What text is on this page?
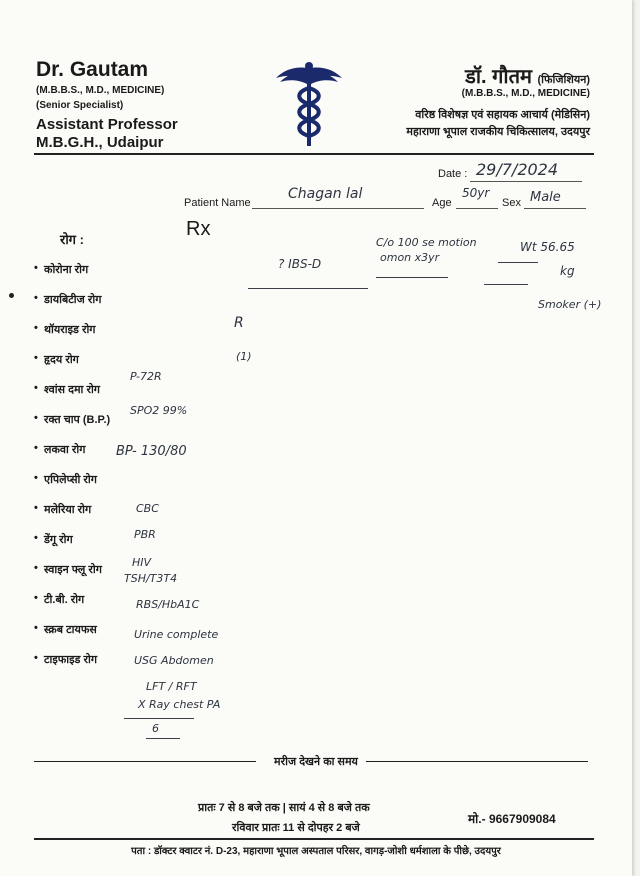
Dr. Gautam
(M.B.B.S., M.D., MEDICINE)
(Senior Specialist)
Assistant Professor
M.B.G.H., Udaipur
डॉ. गौतम (फिजिशियन)
(M.B.B.S., M.D., MEDICINE)
वरिष्ठ विशेषज्ञ एवं सहायक आचार्य (मेडिसिन)
महाराणा भूपाल राजकीय चिकित्सालय, उदयपुर
Date : 29/7/2024
Patient Name
Chagan lal
Age
50yr
Sex Male
Rx
रोग :
• कोरोना रोग
• डायबिटीज रोग
• थॉयराइड रोग
• हृदय रोग
• श्वांस दमा रोग
• रक्त चाप (B.P.)
• लकवा रोग
• एपिलेप्सी रोग
• मलेरिया रोग
• डेंगू रोग
• स्वाइन फ्लू रोग
• टी.बी. रोग
• स्क्रब टायफस
• टाइफाइड रोग
C/o 100 se motion
omon x3yr
? IBS-D
Wt 56.65
kg
Smoker (+)
R
(1)
P-72R
SPO2 99%
BP- 130/80
CBC
PBR
HIV
TSH/T3T4
RBS/HbA1C
Urine complete
USG Abdomen
LFT / RFT
X Ray chest PA
6
मरीज देखने का समय
प्रातः 7 से 8 बजे तक | सायं 4 से 8 बजे तक
रविवार प्रातः 11 से दोपहर 2 बजे
मो.- 9667909084
पता : डॉक्टर क्वाटर नं. D-23, महाराणा भूपाल अस्पताल परिसर, वागड़-जोशी धर्मशाला के पीछे, उदयपुर
